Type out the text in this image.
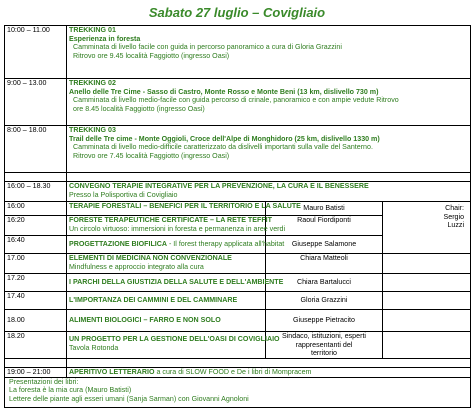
Sabato 27 luglio – Covigliaio
10:00 – 11.00	TREKKING 01
Esperienza in foresta
Camminata di livello facile con guida in percorso panoramico a cura di Gloria Grazzini
Ritrovo ore 9.45 località Faggiotto (ingresso Oasi)		

9:00 – 13.00	TREKKING 02
Anello delle Tre Cime - Sasso di Castro, Monte Rosso e Monte Beni (13 km, dislivello 730 m)
Camminata di livello medio-facile con guida percorso di crinale, panoramico e con ampie vedute Ritrovo
ore 8.45 località Faggiotto (ingresso Oasi)		

8:00 – 18.00	TREKKING 03
Trail delle Tre cime - Monte Oggioli, Croce dell'Alpe di Monghidoro (25 km, dislivello 1330 m)
Camminata di livello medio-difficile caratterizzato da dislivelli importanti sulla valle del Santerno.
Ritrovo ore 7.45 località Faggiotto (ingresso Oasi)		

16:00 – 18.30	CONVEGNO TERAPIE INTEGRATIVE PER LA PREVENZIONE, LA CURA E IL BENESSERE
Presso la Polisportiva di Covigliaio		

16:00	TERAPIE FORESTALI – BENEFICI PER IL TERRITORIO E LA SALUTE	Mauro Batisti	Chair:
Sergio
Luzzi

16:20	FORESTE TERAPEUTICHE CERTIFICATE – LA RETE TEFFIT
Un circolo virtuoso: immersioni in foresta e permanenza in aree verdi	Raoul Fiordiponti	
16:40	PROGETTAZIONE BIOFILICA - Il forest therapy applicata all'habitat	Giuseppe Salamone	
17.00	ELEMENTI DI MEDICINA NON CONVENZIONALE
Mindfulness e approccio integrato alla cura	Chiara Matteoli	
17.20	I PARCHI DELLA GIUSTIZIA DELLA SALUTE E DELL'AMBIENTE	Chiara Bartalucci	
17.40	L'IMPORTANZA DEI CAMMINI E DEL CAMMINARE	Gloria Grazzini	
18.00	ALIMENTI BIOLOGICI – FARRO E NON SOLO	Giuseppe Pietracito	
18.20	UN PROGETTO PER LA GESTIONE DELL'OASI DI COVIGLIAIO
Tavola Rotonda	Sindaco, istituzioni, esperti
rappresentanti del
territorio	

19:00 – 21:00	APERITIVO LETTERARIO a cura di SLOW FOOD e De i libri di Mompracem		

Presentazioni dei libri:
La foresta è la mia cura (Mauro Batisti)
Lettere delle piante agli esseri umani (Sanja Sarman) con Giovanni Agnoloni			
